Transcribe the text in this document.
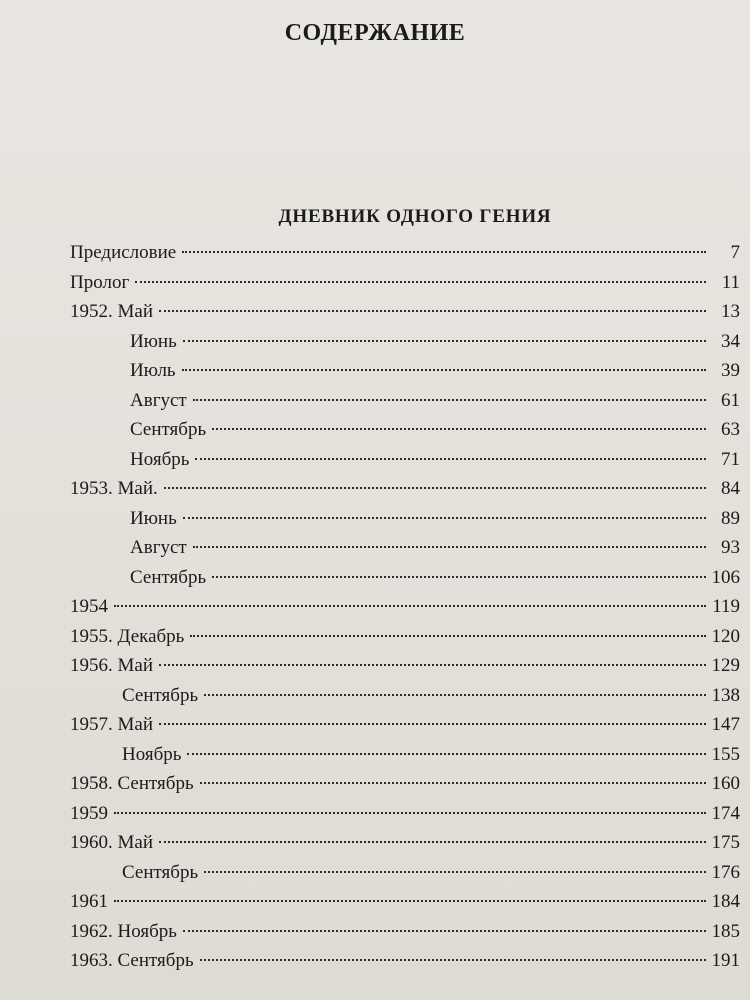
СОДЕРЖАНИЕ
ДНЕВНИК ОДНОГО ГЕНИЯ
Предисловие	7
Пролог	11
1952. Май	13
Июнь	34
Июль	39
Август	61
Сентябрь	63
Ноябрь	71
1953. Май.	84
Июнь	89
Август	93
Сентябрь	106
1954	119
1955. Декабрь	120
1956. Май	129
Сентябрь	138
1957. Май	147
Ноябрь	155
1958. Сентябрь	160
1959	174
1960. Май	175
Сентябрь	176
1961	184
1962. Ноябрь	185
1963. Сентябрь	191
